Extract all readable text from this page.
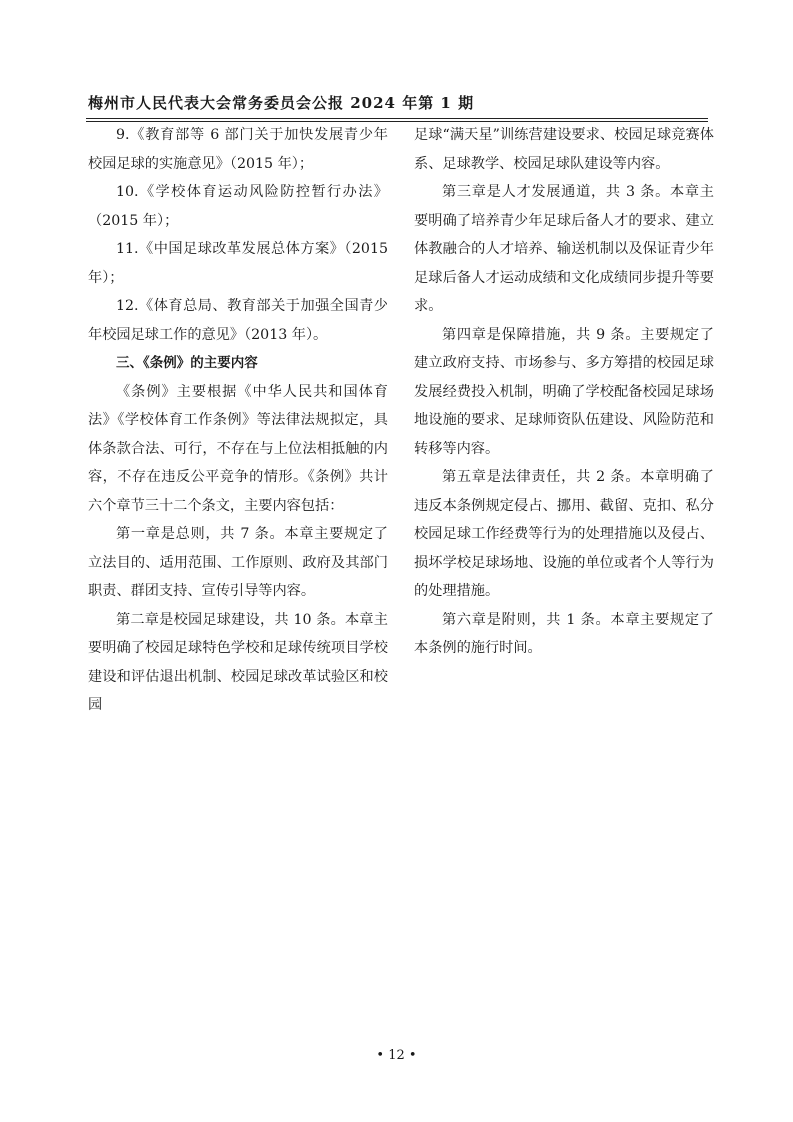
梅州市人民代表大会常务委员会公报 2024 年第 1 期

9.《教育部等 6 部门关于加快发展青少年校园足球的实施意见》（2015 年）；

10.《学校体育运动风险防控暂行办法》（2015 年）；

11.《中国足球改革发展总体方案》（2015 年）；

12.《体育总局、教育部关于加强全国青少年校园足球工作的意见》（2013 年）。

三、《条例》的主要内容

《条例》主要根据《中华人民共和国体育法》《学校体育工作条例》等法律法规拟定，具体条款合法、可行，不存在与上位法相抵触的内容，不存在违反公平竞争的情形。《条例》共计六个章节三十二个条文，主要内容包括：

第一章是总则，共 7 条。本章主要规定了立法目的、适用范围、工作原则、政府及其部门职责、群团支持、宣传引导等内容。

第二章是校园足球建设，共 10 条。本章主要明确了校园足球特色学校和足球传统项目学校建设和评估退出机制、校园足球改革试验区和校园

足球“满天星”训练营建设要求、校园足球竞赛体系、足球教学、校园足球队建设等内容。

第三章是人才发展通道，共 3 条。本章主要明确了培养青少年足球后备人才的要求、建立体教融合的人才培养、输送机制以及保证青少年足球后备人才运动成绩和文化成绩同步提升等要求。

第四章是保障措施，共 9 条。主要规定了建立政府支持、市场参与、多方筹措的校园足球发展经费投入机制，明确了学校配备校园足球场地设施的要求、足球师资队伍建设、风险防范和转移等内容。

第五章是法律责任，共 2 条。本章明确了违反本条例规定侵占、挪用、截留、克扣、私分校园足球工作经费等行为的处理措施以及侵占、损坏学校足球场地、设施的单位或者个人等行为的处理措施。

第六章是附则，共 1 条。本章主要规定了本条例的施行时间。

• 12 •
